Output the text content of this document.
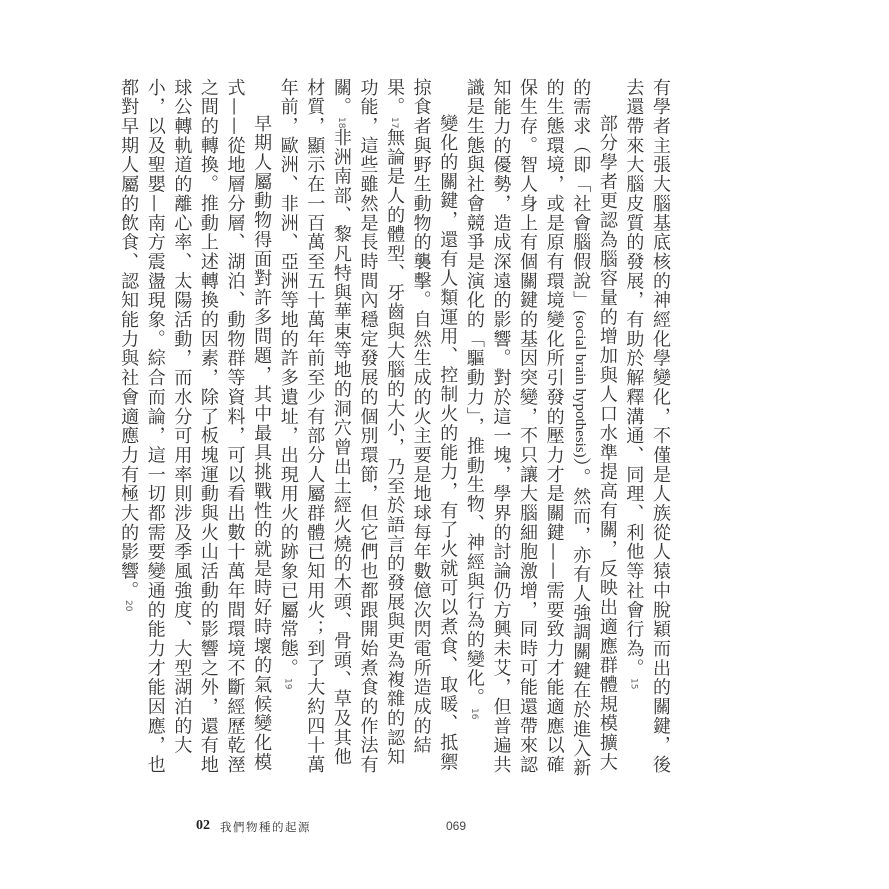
有學者主張大腦基底核的神經化學變化，不僅是人族從人猿中脫穎而出的關鍵，後去還帶來大腦皮質的發展，有助於解釋溝通、同理、利他等社會行為。15

部分學者更認為腦容量的增加與人口水準提高有關，反映出適應群體規模擴大的需求（即「社會腦假說」(social brain hypothesis)）。然而，亦有人強調關鍵在於進入新的生態環境，或是原有環境變化所引發的壓力才是關鍵——需要致力才能適應以確保生存。智人身上有個關鍵的基因突變，不只讓大腦細胞激增，同時可能還帶來認知能力的優勢，造成深遠的影響。對於這一塊，學界的討論仍方興未艾，但普遍共識是生態與社會競爭是演化的「驅動力」，推動生物、神經與行為的變化。16

變化的關鍵，還有人類運用、控制火的能力，有了火就可以煮食、取暖、抵禦掠食者與野生動物的襲擊。自然生成的火主要是地球每年數億次閃電所造成的結果。17無論是人的體型、牙齒與大腦的大小，乃至於語言的發展與更為複雜的認知功能，這些雖然是長時間內穩定發展的個別環節，但它們也都跟開始煮食的作法有關。18非洲南部、黎凡特與華東等地的洞穴曾出土經火燒的木頭、骨頭、草及其他材質，顯示在一百萬至五十萬年前至少有部分人屬群體已知用火；到了大約四十萬年前，歐洲、非洲、亞洲等地的許多遺址，出現用火的跡象已屬常態。19

早期人屬動物得面對許多問題，其中最具挑戰性的就是時好時壞的氣候變化模式——從地層分層、湖泊、動物群等資料，可以看出數十萬年間環境不斷經歷乾溼之間的轉換。推動上述轉換的因素，除了板塊運動與火山活動的影響之外，還有地球公轉軌道的離心率、太陽活動，而水分可用率則涉及季風強度、大型湖泊的大小，以及聖嬰—南方震盪現象。綜合而論，這一切都需要變通的能力才能因應，也都對早期人屬的飲食、認知能力與社會適應力有極大的影響。20

02 我們物種的起源	069
